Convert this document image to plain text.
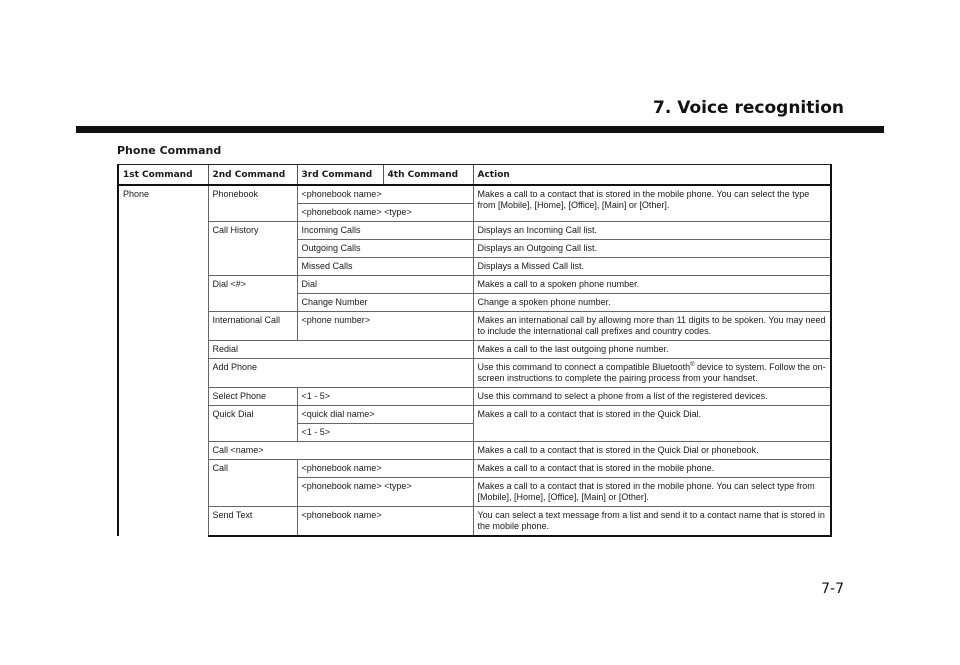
7. Voice recognition
Phone Command
1st Command	2nd Command	3rd Command	4th Command	Action
Phone	Phonebook	<phonebook name>		Makes a call to a contact that is stored in the mobile phone. You can select the type from [Mobile], [Home], [Office], [Main] or [Other].
		<phonebook name> <type>		
	Call History	Incoming Calls		Displays an Incoming Call list.
		Outgoing Calls		Displays an Outgoing Call list.
		Missed Calls		Displays a Missed Call list.
	Dial <#>	Dial		Makes a call to a spoken phone number.
		Change Number		Change a spoken phone number.
	International Call	<phone number>		Makes an international call by allowing more than 11 digits to be spoken. You may need to include the international call prefixes and country codes.
	Redial			Makes a call to the last outgoing phone number.
	Add Phone			Use this command to connect a compatible Bluetooth® device to system. Follow the on-screen instructions to complete the pairing process from your handset.
	Select Phone	<1 - 5>		Use this command to select a phone from a list of the registered devices.
	Quick Dial	<quick dial name>		Makes a call to a contact that is stored in the Quick Dial.
		<1 - 5>		
	Call <name>			Makes a call to a contact that is stored in the Quick Dial or phonebook.
	Call	<phonebook name>		Makes a call to a contact that is stored in the mobile phone.
		<phonebook name> <type>		Makes a call to a contact that is stored in the mobile phone. You can select type from [Mobile], [Home], [Office], [Main] or [Other].
	Send Text	<phonebook name>		You can select a text message from a list and send it to a contact name that is stored in the mobile phone.
7-7
